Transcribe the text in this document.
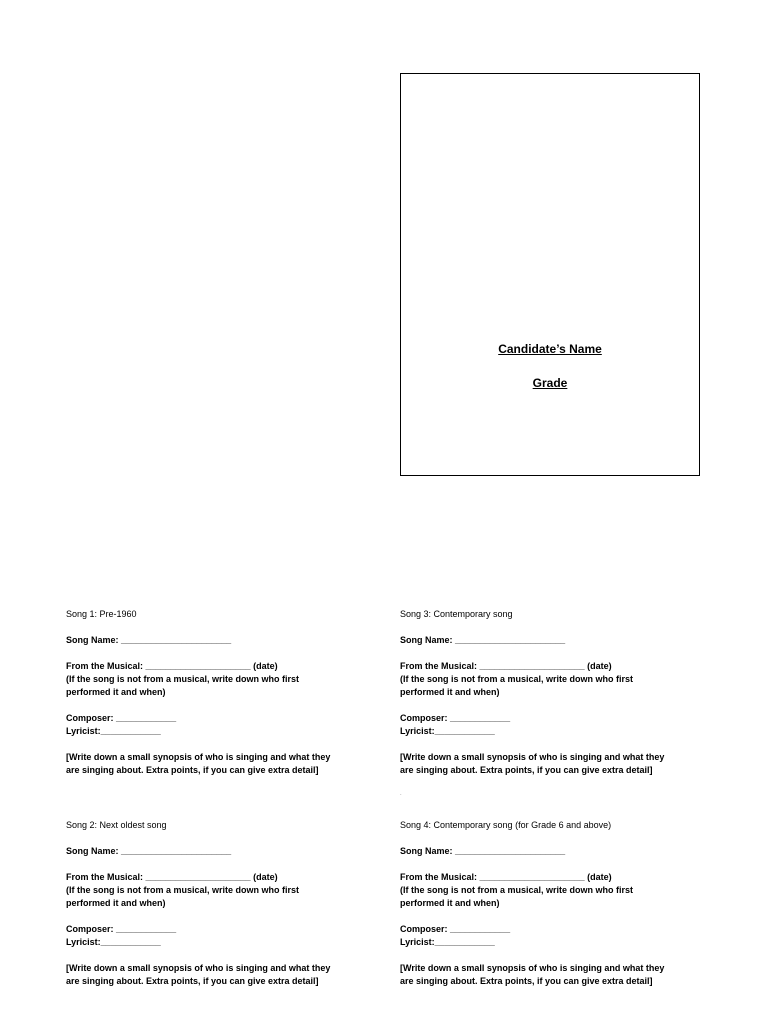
Candidate’s Name
Grade

Song 1: Pre-1960

Song Name: ______________________

From the Musical: _____________________ (date)

(If the song is not from a musical, write down who first

performed it and when)

Composer: ____________

Lyricist:____________

[Write down a small synopsis of who is singing and what they

are singing about. Extra points, if you can give extra detail]

Song 2: Next oldest song

Song Name: ______________________

From the Musical: _____________________ (date)

(If the song is not from a musical, write down who first

performed it and when)

Composer: ____________

Lyricist:____________

[Write down a small synopsis of who is singing and what they

are singing about. Extra points, if you can give extra detail]

Song 3: Contemporary song

Song Name: ______________________

From the Musical: _____________________ (date)

(If the song is not from a musical, write down who first

performed it and when)

Composer: ____________

Lyricist:____________

[Write down a small synopsis of who is singing and what they

are singing about. Extra points, if you can give extra detail]

Song 4: Contemporary song (for Grade 6 and above)

Song Name: ______________________

From the Musical: _____________________ (date)

(If the song is not from a musical, write down who first

performed it and when)

Composer: ____________

Lyricist:____________

[Write down a small synopsis of who is singing and what they

are singing about. Extra points, if you can give extra detail]

.
